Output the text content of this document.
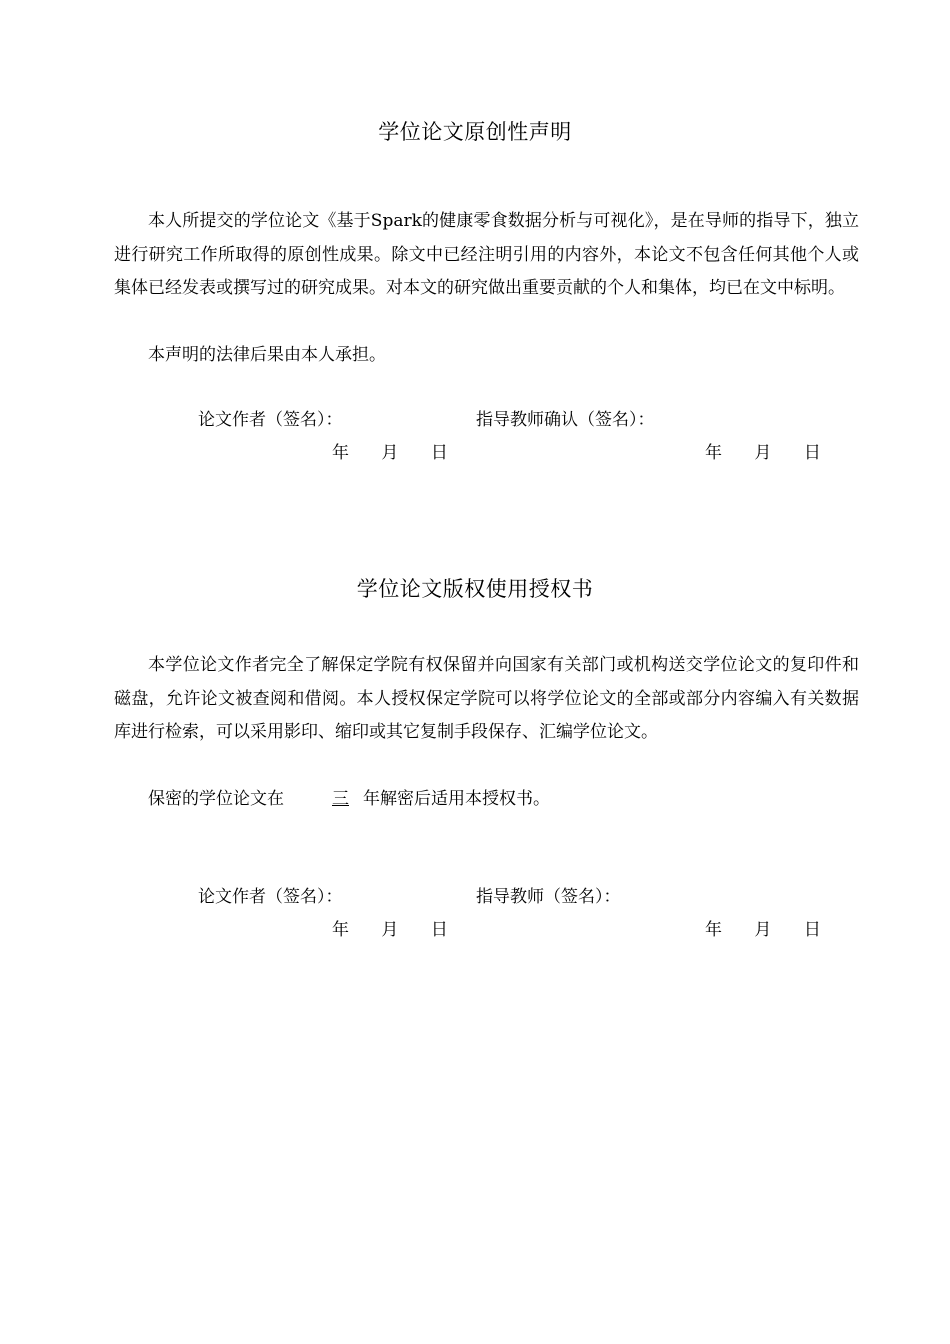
学位论文原创性声明

本人所提交的学位论文《基于Spark的健康零食数据分析与可视化》，是在导师的指导下，独立进行研究工作所取得的原创性成果。除文中已经注明引用的内容外，本论文不包含任何其他个人或集体已经发表或撰写过的研究成果。对本文的研究做出重要贡献的个人和集体，均已在文中标明。

本声明的法律后果由本人承担。

论文作者（签名）：	指导教师确认（签名）：
年      月      日	年      月      日
学位论文版权使用授权书

本学位论文作者完全了解保定学院有权保留并向国家有关部门或机构送交学位论文的复印件和磁盘，允许论文被查阅和借阅。本人授权保定学院可以将学位论文的全部或部分内容编入有关数据库进行检索，可以采用影印、缩印或其它复制手段保存、汇编学位论文。

保密的学位论文在	三 年解密后适用本授权书。

论文作者（签名）：	指导教师（签名）：
年      月      日	年      月      日
